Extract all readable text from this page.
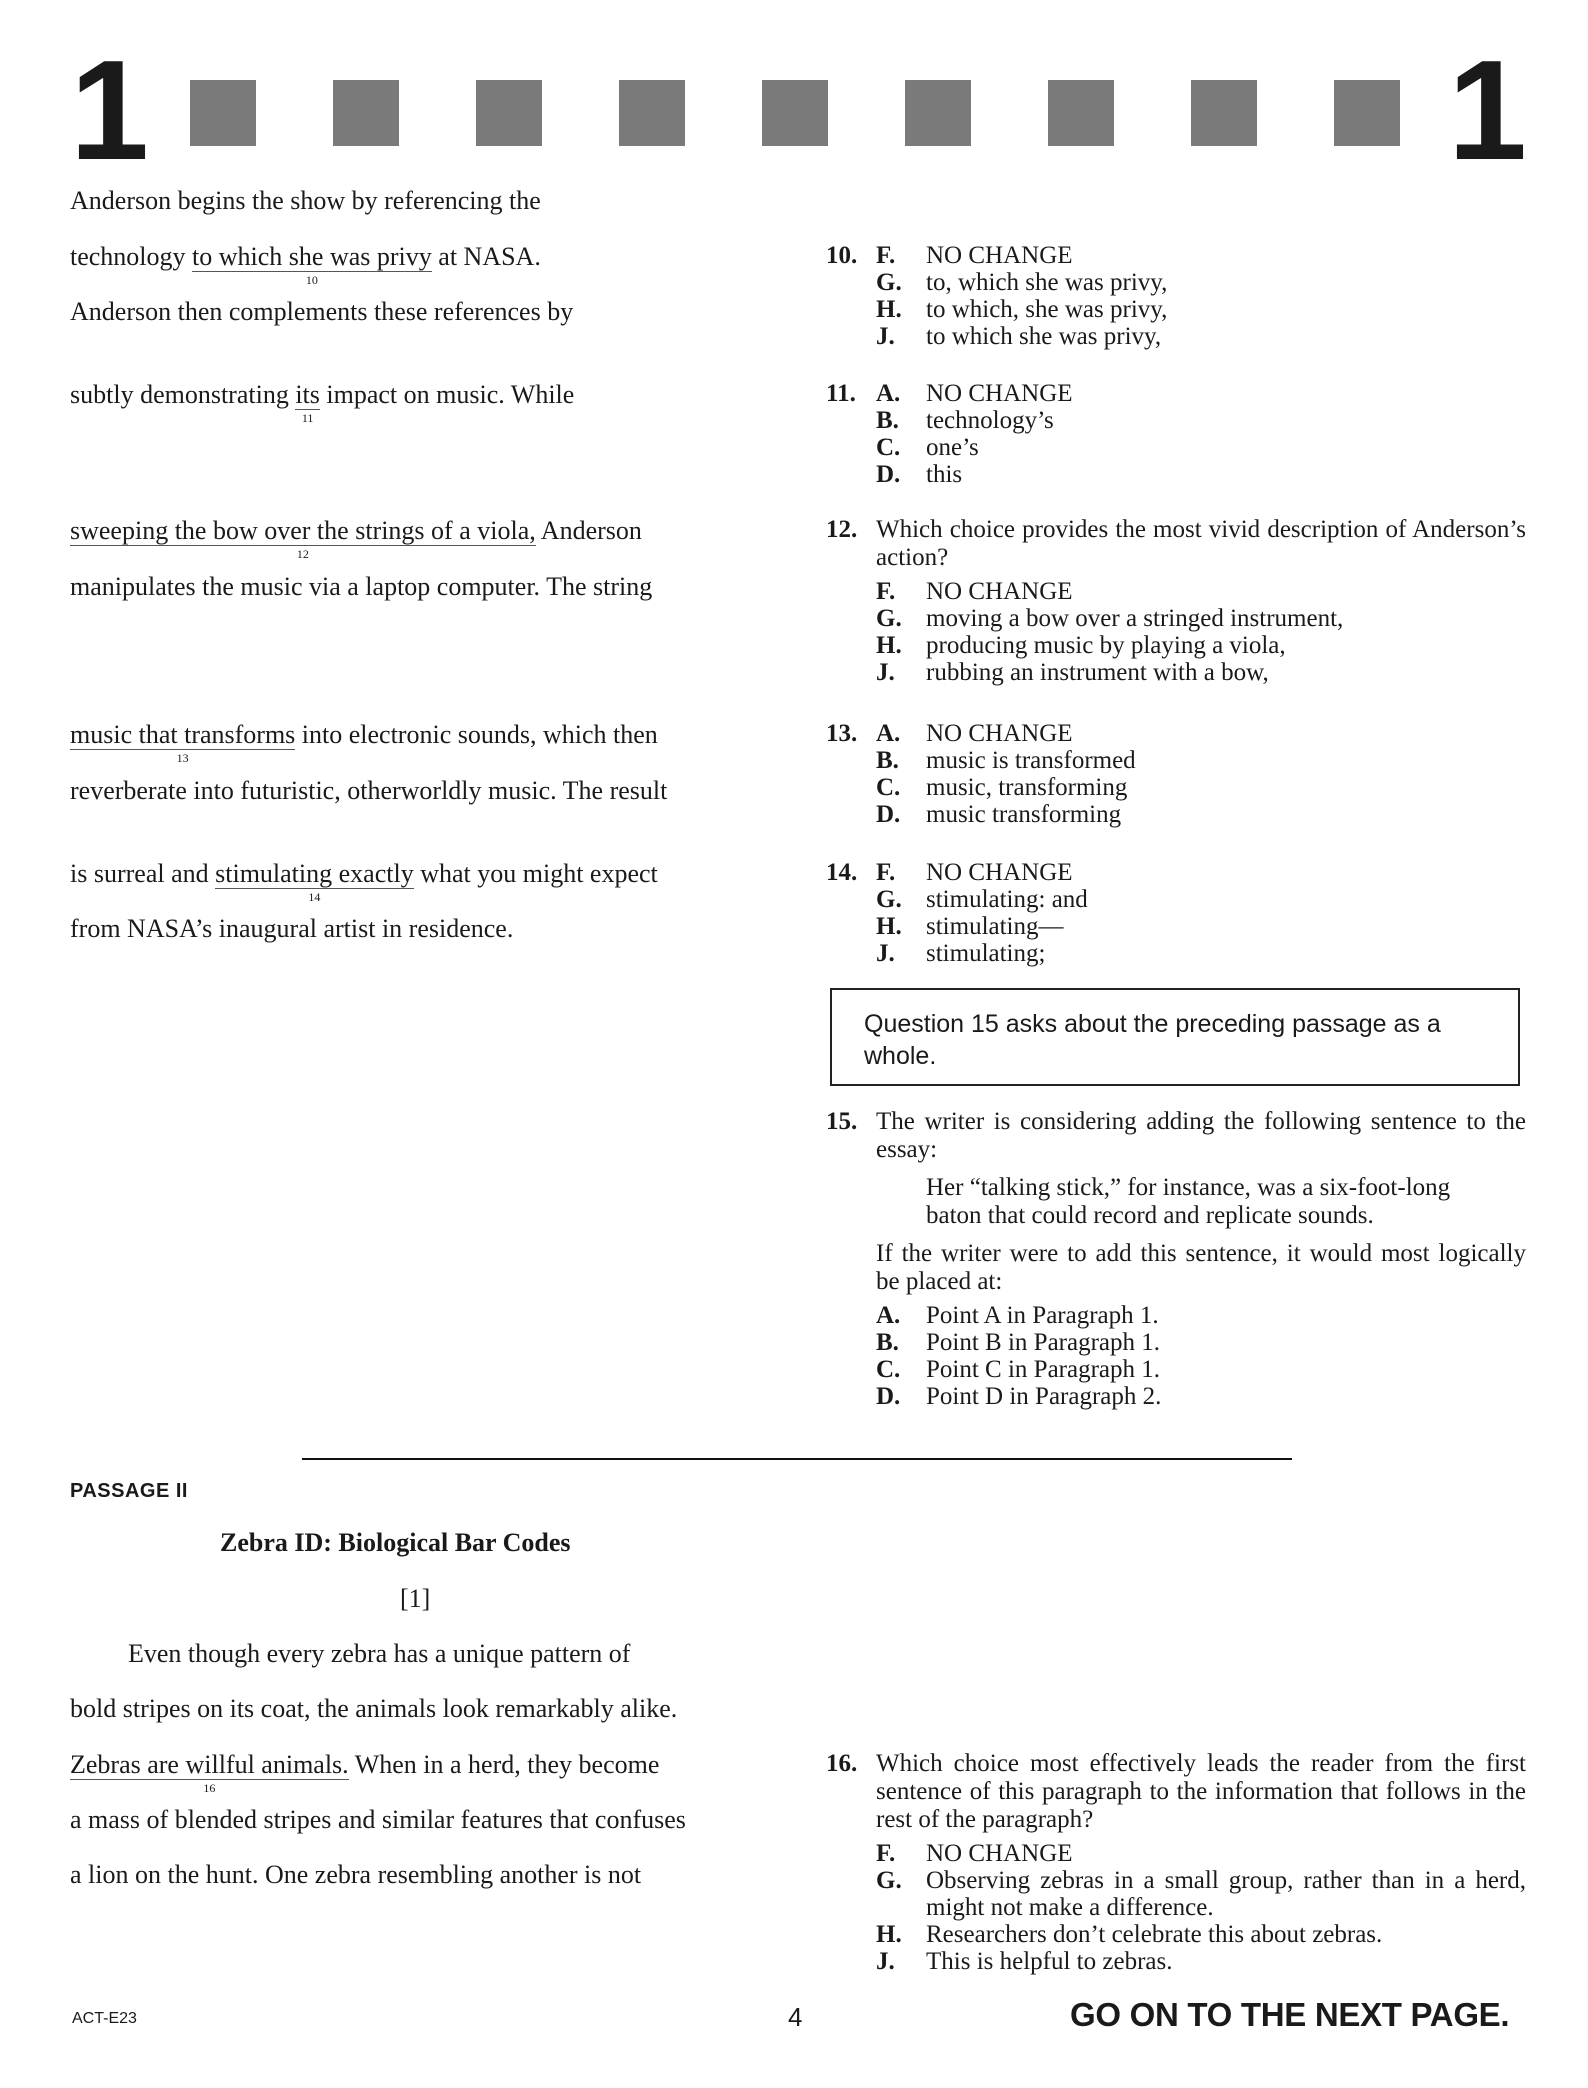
1	1
Anderson begins the show by referencing the
technology to which she was privy
10
at NASA.
Anderson then complements these references by
subtly demonstrating its
11
impact on music. While
sweeping the bow over the strings of a viola,
12
Anderson
manipulates the music via a laptop computer. The string
music that transforms
13
into electronic sounds, which then
reverberate into futuristic, otherworldly music. The result
is surreal and stimulating exactly
14
what you might expect
from NASA’s inaugural artist in residence.
10. F.	NO CHANGE
G. to, which she was privy,
H. to which, she was privy,
J.	to which she was privy,
11. A.	NO CHANGE
B.	technology’s
C.	one’s
D.	this
12. Which choice provides the most vivid description of Anderson’s action?
F.	NO CHANGE
G. moving a bow over a stringed instrument,
H. producing music by playing a viola,
J.	rubbing an instrument with a bow,
13. A.	NO CHANGE
B.	music is transformed
C.	music, transforming
D.	music transforming
14. F.	NO CHANGE
G. stimulating: and
H. stimulating—
J.	stimulating;
Question 15 asks about the preceding passage as a whole.
15. The writer is considering adding the following sentence to the essay:
Her “talking stick,” for instance, was a six-foot-long baton that could record and replicate sounds.
If the writer were to add this sentence, it would most logically be placed at:
A.	Point A in Paragraph 1.
B.	Point B in Paragraph 1.
C.	Point C in Paragraph 1.
D.	Point D in Paragraph 2.
PASSAGE II
Zebra ID: Biological Bar Codes
[1]
Even though every zebra has a unique pattern of
bold stripes on its coat, the animals look remarkably alike.
Zebras are willful animals.
16
When in a herd, they become
a mass of blended stripes and similar features that confuses
a lion on the hunt. One zebra resembling another is not
16. Which choice most effectively leads the reader from the first sentence of this paragraph to the information that follows in the rest of the paragraph?
F.	NO CHANGE
G. Observing zebras in a small group, rather than in a herd, might not make a difference.
H. Researchers don’t celebrate this about zebras.
J.	This is helpful to zebras.
ACT-E23	4	GO ON TO THE NEXT PAGE.
